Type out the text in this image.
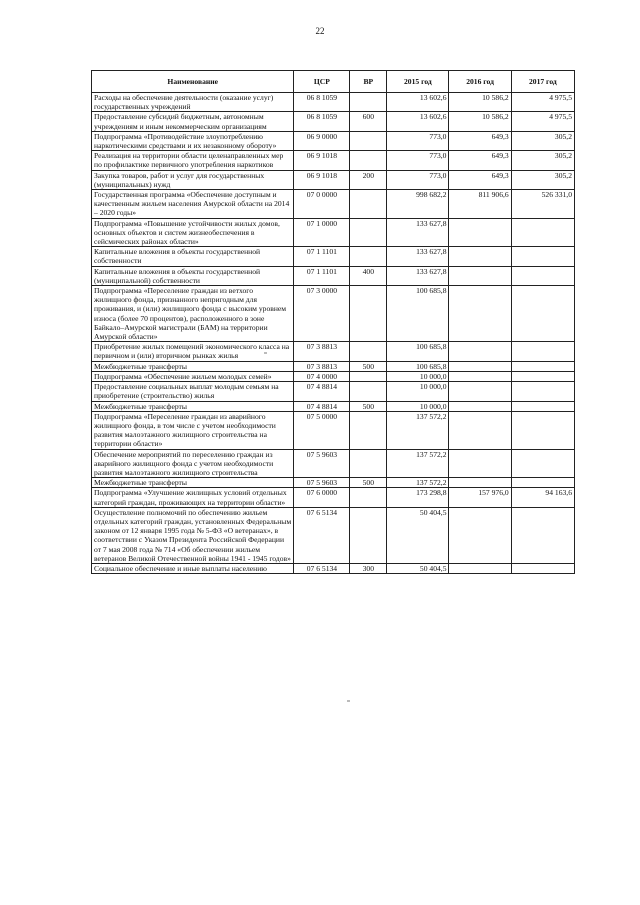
22
Наименование	ЦСР	ВР	2015 год	2016 год	2017 год
Расходы на обеспечение деятельности (оказание услуг) государственных учреждений	06 8 1059		13 602,6	10 586,2	4 975,5
Предоставление субсидий бюджетным, автономным учреждениям и иным некоммерческим организациям	06 8 1059	600	13 602,6	10 586,2	4 975,5
Подпрограмма «Противодействие злоупотреблению наркотическими средствами и их незаконному обороту»	06 9 0000		773,0	649,3	305,2
Реализация на территории области целенаправленных мер по профилактике первичного употребления наркотиков	06 9 1018		773,0	649,3	305,2
Закупка товаров, работ и услуг для государственных (муниципальных) нужд	06 9 1018	200	773,0	649,3	305,2
Государственная программа «Обеспечение доступным и качественным жильем населения Амурской области на 2014 – 2020 годы»	07 0 0000		998 682,2	811 906,6	526 331,0
Подпрограмма «Повышение устойчивости жилых домов, основных объектов и систем жизнеобеспечения в сейсмических районах области»	07 1 0000		133 627,8		
Капитальные вложения в объекты государственной собственности	07 1 1101		133 627,8		
Капитальные вложения в объекты государственной (муниципальной) собственности	07 1 1101	400	133 627,8		
Подпрограмма «Переселение граждан из ветхого жилищного фонда, признанного непригодным для проживания, и (или) жилищного фонда с высоким уровнем износа (более 70 процентов), расположенного в зоне Байкало–Амурской магистрали (БАМ) на территории Амурской области»	07 3 0000		100 685,8		
Приобретение жилых помещений экономического класса на первичном и (или) вторичном рынках жилья	07 3 8813		100 685,8		
Межбюджетные трансферты	07 3 8813	500	100 685,8		
Подпрограмма «Обеспечение жильем молодых семей»	07 4 0000		10 000,0		
Предоставление социальных выплат молодым семьям на приобретение (строительство) жилья	07 4 8814		10 000,0		
Межбюджетные трансферты	07 4 8814	500	10 000,0		
Подпрограмма «Переселение граждан из аварийного жилищного фонда, в том числе с учетом необходимости развития малоэтажного жилищного строительства на территории области»	07 5 0000		137 572,2		
Обеспечение мероприятий по переселению граждан из аварийного жилищного фонда с учетом необходимости развития малоэтажного жилищного строительства	07 5 9603		137 572,2		
Межбюджетные трансферты	07 5 9603	500	137 572,2		
Подпрограмма «Улучшение жилищных условий отдельных категорий граждан, проживающих на территории области»	07 6 0000		173 298,8	157 976,0	94 163,6
Осуществление полномочий по обеспечению жильем отдельных категорий граждан, установленных Федеральным законом от 12 января 1995 года № 5-ФЗ «О ветеранах», в соответствии с Указом Президента Российской Федерации от 7 мая 2008 года № 714 «Об обеспечении жильем ветеранов Великой Отечественной войны 1941 - 1945 годов»	07 6 5134		50 404,5		
Социальное обеспечение и иные выплаты населению	07 6 5134	300	50 404,5		
